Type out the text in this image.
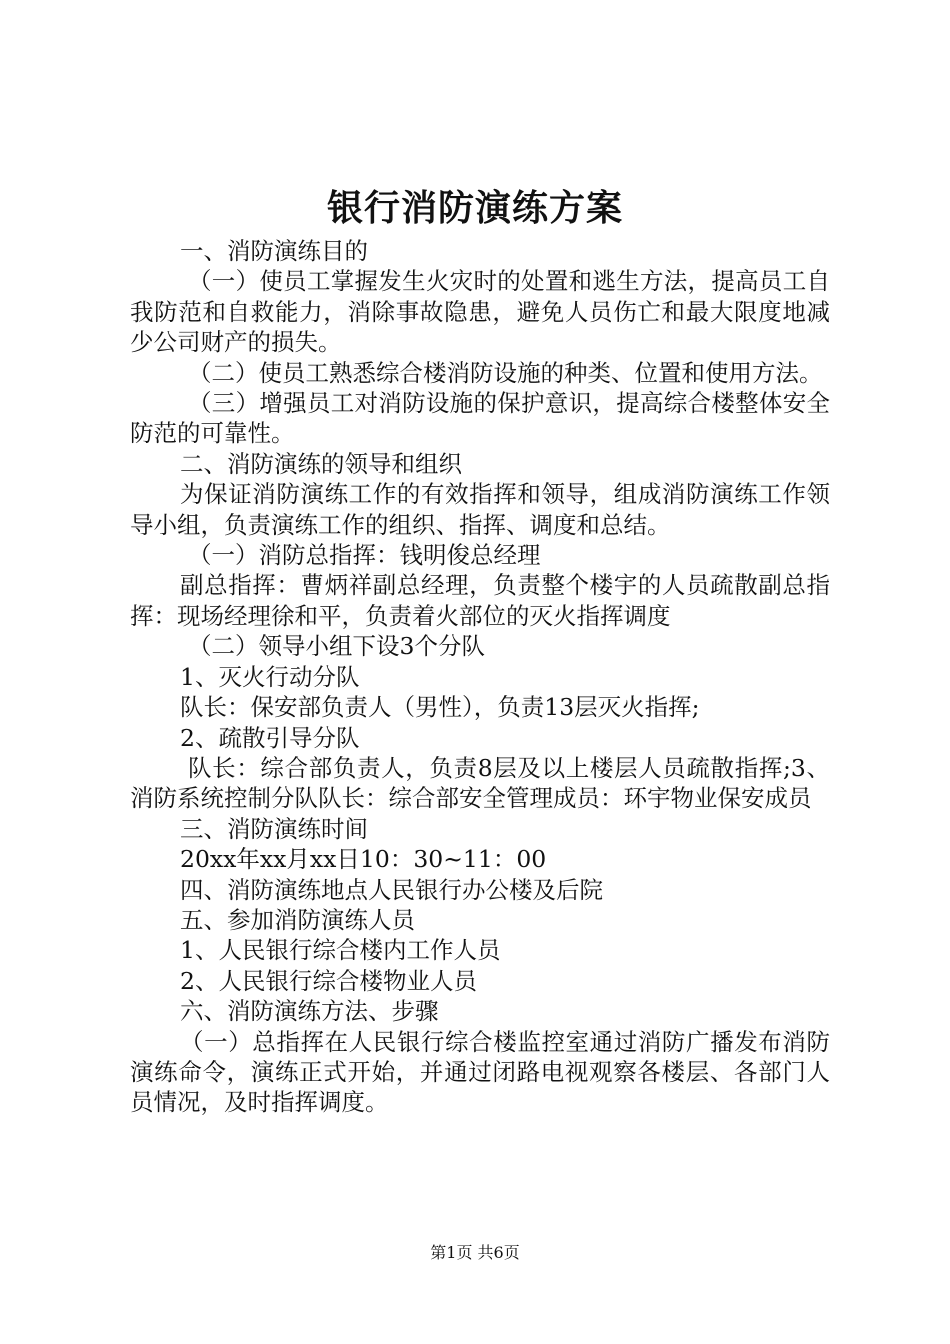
银行消防演练方案

一、消防演练目的

（一）使员工掌握发生火灾时的处置和逃生方法，提高员工自我防范和自救能力，消除事故隐患，避免人员伤亡和最大限度地减少公司财产的损失。

（二）使员工熟悉综合楼消防设施的种类、位置和使用方法。

（三）增强员工对消防设施的保护意识，提高综合楼整体安全防范的可靠性。

二、消防演练的领导和组织

为保证消防演练工作的有效指挥和领导，组成消防演练工作领导小组，负责演练工作的组织、指挥、调度和总结。

（一）消防总指挥：钱明俊总经理

副总指挥：曹炳祥副总经理，负责整个楼宇的人员疏散副总指挥：现场经理徐和平，负责着火部位的灭火指挥调度

（二）领导小组下设3个分队

1、灭火行动分队

队长：保安部负责人（男性），负责13层灭火指挥;

2、疏散引导分队

队长：综合部负责人，负责8层及以上楼层人员疏散指挥;3、消防系统控制分队队长：综合部安全管理成员：环宇物业保安成员

三、消防演练时间

20xx年xx月xx日10：30~11：00

四、消防演练地点人民银行办公楼及后院

五、参加消防演练人员

1、人民银行综合楼内工作人员

2、人民银行综合楼物业人员

六、消防演练方法、步骤

（一）总指挥在人民银行综合楼监控室通过消防广播发布消防演练命令，演练正式开始，并通过闭路电视观察各楼层、各部门人员情况，及时指挥调度。

第1页 共6页
